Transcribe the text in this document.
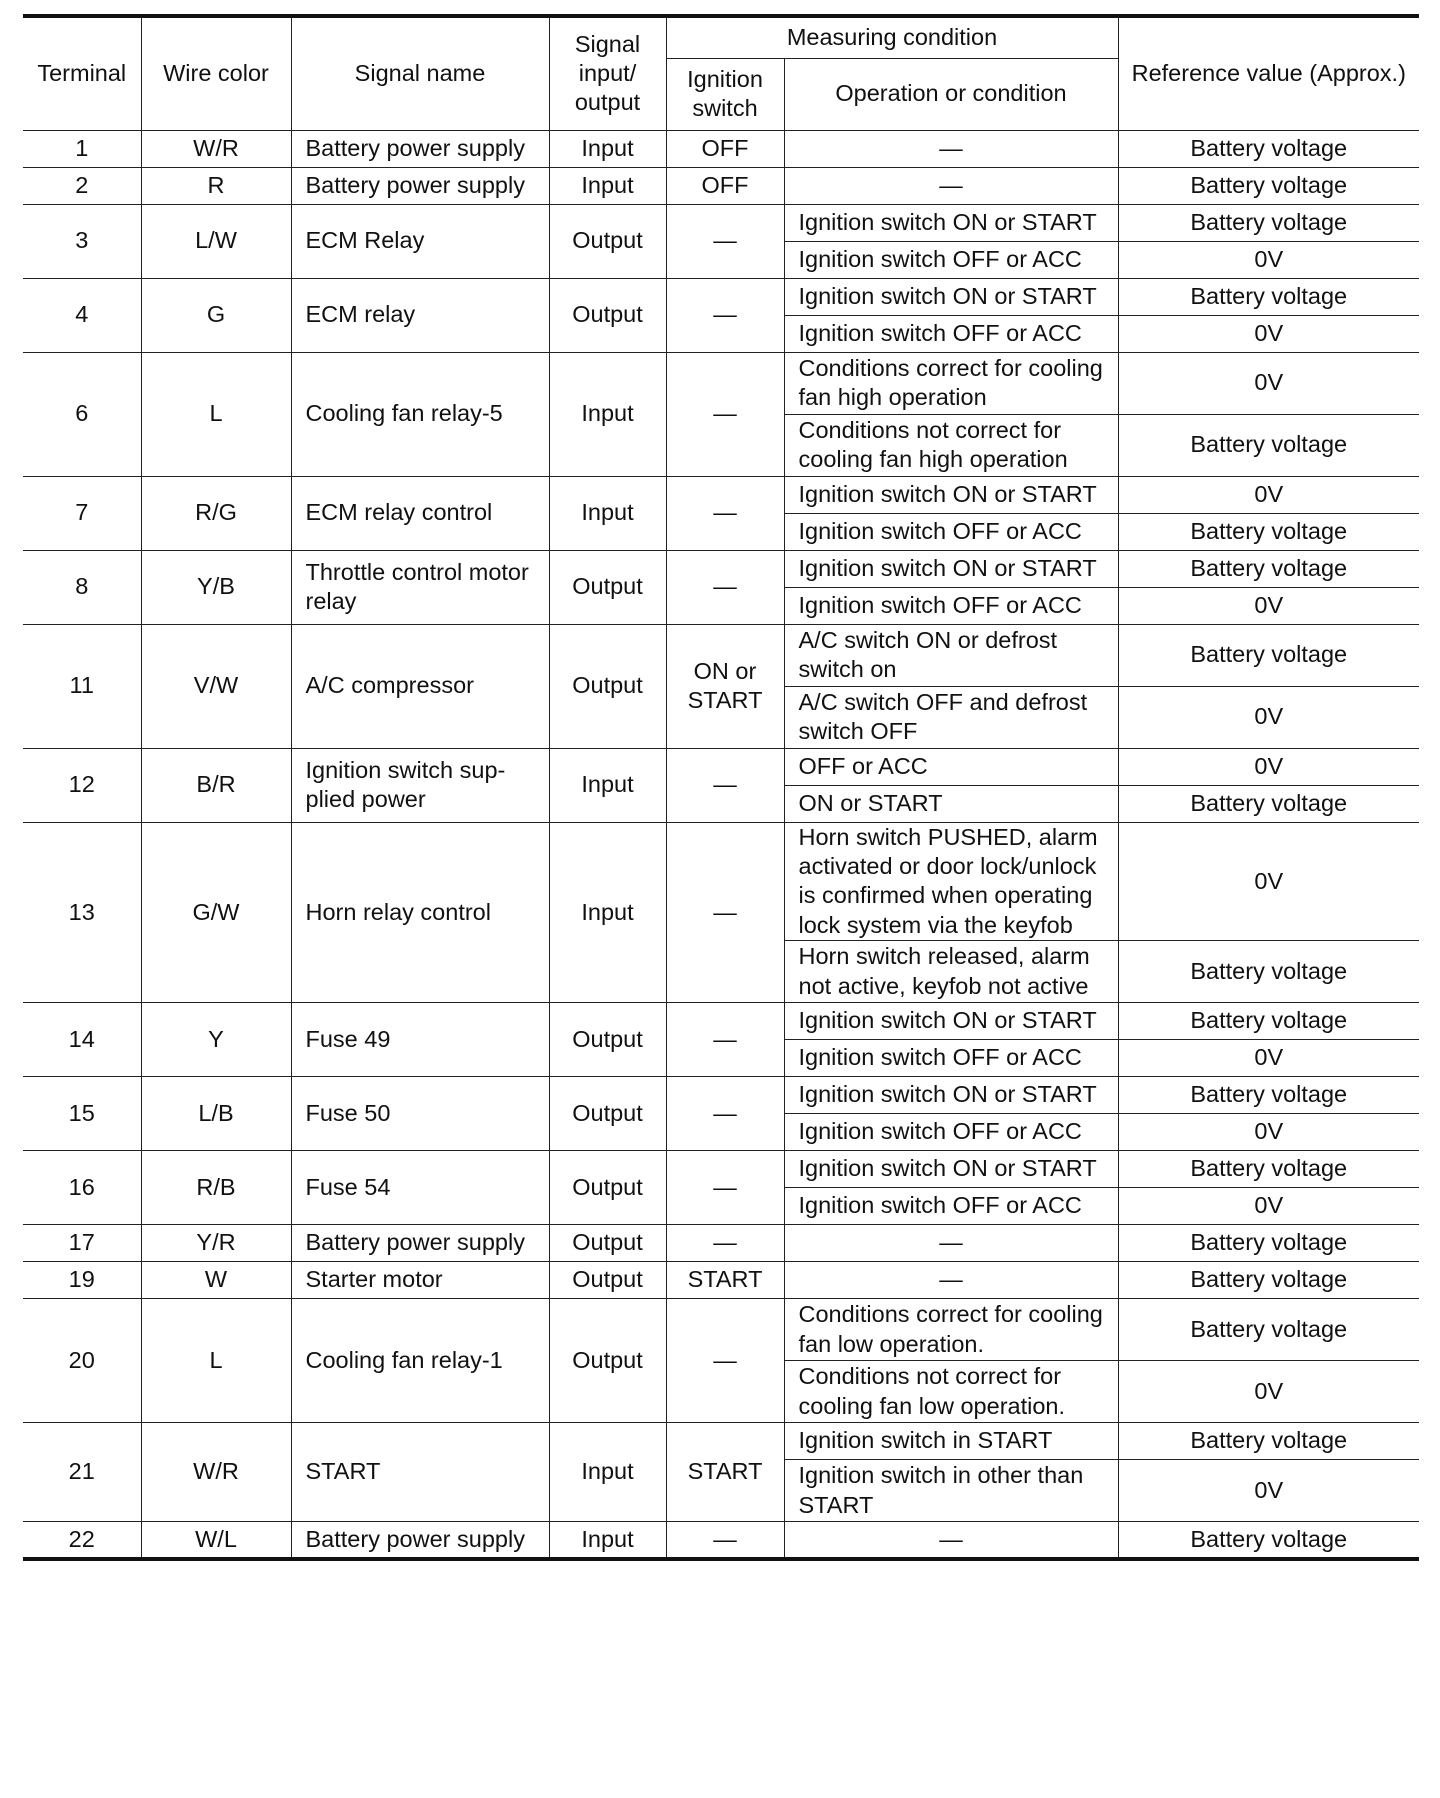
Terminal	Wire color	Signal name	Signal input/ output	Measuring condition		Reference value (Approx.)
				Ignition switch	Operation or condition	
1	W/R	Battery power supply	Input	OFF	—	Battery voltage
2	R	Battery power supply	Input	OFF	—	Battery voltage
3	L/W	ECM Relay	Output	—	Ignition switch ON or START	Battery voltage
					Ignition switch OFF or ACC	0V
4	G	ECM relay	Output	—	Ignition switch ON or START	Battery voltage
					Ignition switch OFF or ACC	0V
6	L	Cooling fan relay-5	Input	—	Conditions correct for cooling fan high operation	0V
					Conditions not correct for cooling fan high operation	Battery voltage
7	R/G	ECM relay control	Input	—	Ignition switch ON or START	0V
					Ignition switch OFF or ACC	Battery voltage
8	Y/B	Throttle control motor relay	Output	—	Ignition switch ON or START	Battery voltage
					Ignition switch OFF or ACC	0V
11	V/W	A/C compressor	Output	ON or START	A/C switch ON or defrost switch on	Battery voltage
					A/C switch OFF and defrost switch OFF	0V
12	B/R	Ignition switch sup-plied power	Input	—	OFF or ACC	0V
					ON or START	Battery voltage
13	G/W	Horn relay control	Input	—	Horn switch PUSHED, alarm activated or door lock/unlock is confirmed when operating lock system via the keyfob	0V
					Horn switch released, alarm not active, keyfob not active	Battery voltage
14	Y	Fuse 49	Output	—	Ignition switch ON or START	Battery voltage
					Ignition switch OFF or ACC	0V
15	L/B	Fuse 50	Output	—	Ignition switch ON or START	Battery voltage
					Ignition switch OFF or ACC	0V
16	R/B	Fuse 54	Output	—	Ignition switch ON or START	Battery voltage
					Ignition switch OFF or ACC	0V
17	Y/R	Battery power supply	Output	—	—	Battery voltage
19	W	Starter motor	Output	START	—	Battery voltage
20	L	Cooling fan relay-1	Output	—	Conditions correct for cooling fan low operation.	Battery voltage
					Conditions not correct for cooling fan low operation.	0V
21	W/R	START	Input	START	Ignition switch in START	Battery voltage
					Ignition switch in other than START	0V
22	W/L	Battery power supply	Input	—	—	Battery voltage
